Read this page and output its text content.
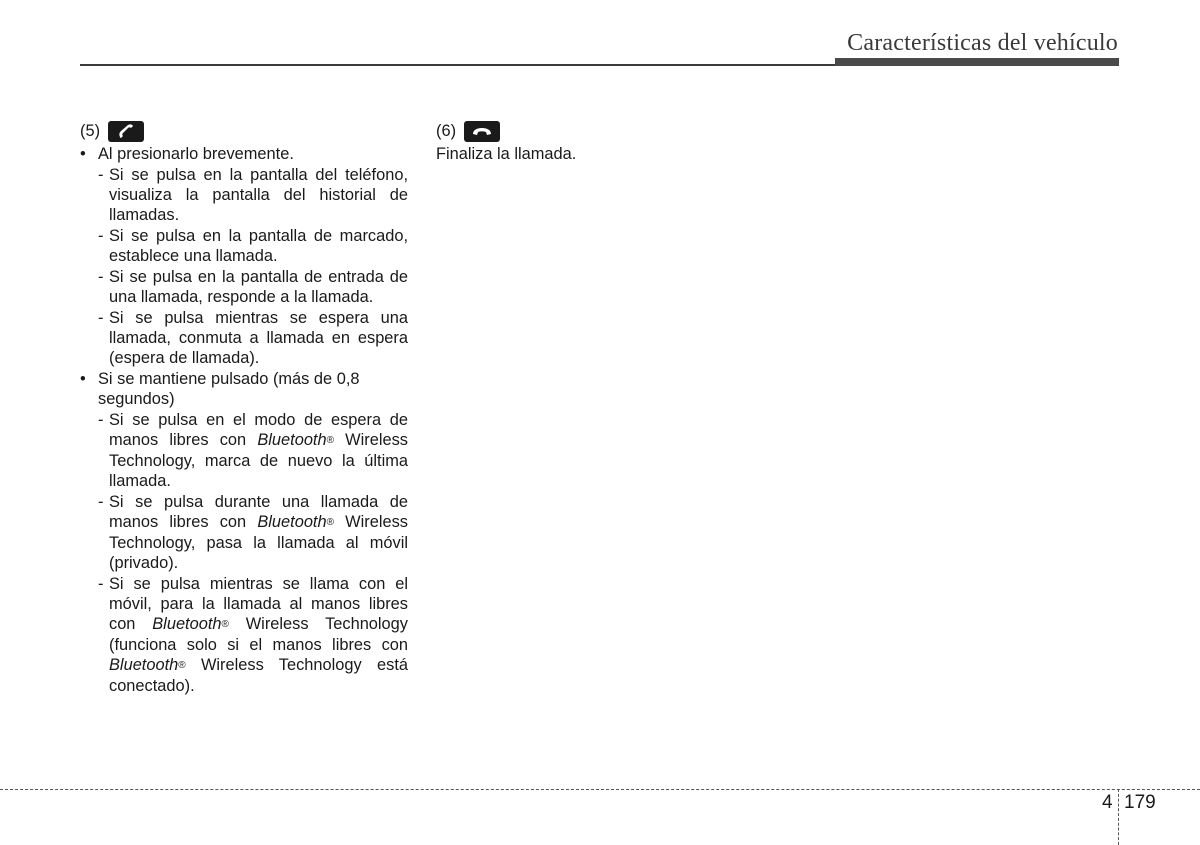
Características del vehículo
(5)
• Al presionarlo brevemente.
- Si se pulsa en la pantalla del teléfono, visualiza la pantalla del historial de llamadas.
- Si se pulsa en la pantalla de marcado, establece una llamada.
- Si se pulsa en la pantalla de entrada de una llamada, responde a la llamada.
- Si se pulsa mientras se espera una llamada, conmuta a llamada en espera (espera de llamada).
• Si se mantiene pulsado (más de 0,8 segundos)
- Si se pulsa en el modo de espera de manos libres con Bluetooth® Wireless Technology, marca de nuevo la última llamada.
- Si se pulsa durante una llamada de manos libres con Bluetooth® Wireless Technology, pasa la llamada al móvil (privado).
- Si se pulsa mientras se llama con el móvil, para la llamada al manos libres con Bluetooth® Wireless Technology (funciona solo si el manos libres con Bluetooth® Wireless Technology está conectado).
(6)
Finaliza la llamada.
4 179
